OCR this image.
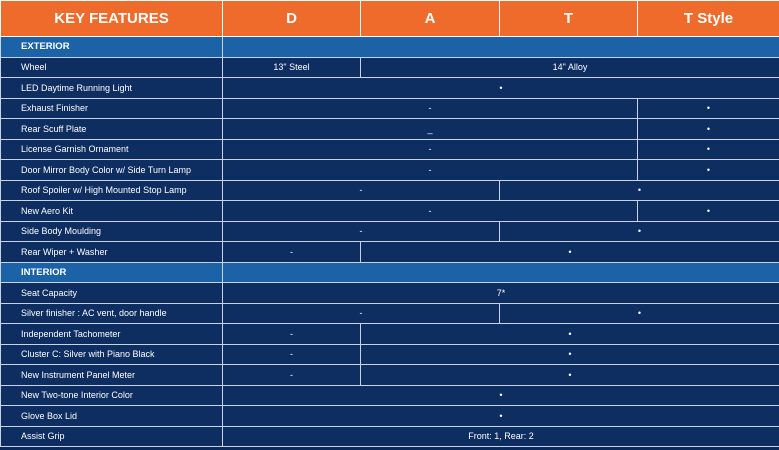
KEY FEATURES	D	A	T	T Style
EXTERIOR				
Wheel	13" Steel	14" Alloy		
LED Daytime Running Light	•			
Exhaust Finisher	-			•
Rear Scuff Plate	_			•
License Garnish Ornament	-			•
Door Mirror Body Color w/ Side Turn Lamp	-			•
Roof Spoiler w/ High Mounted Stop Lamp	-		•	
New Aero Kit	-			•
Side Body Moulding	-		•	
Rear Wiper + Washer	-	•		
INTERIOR				
Seat Capacity	7*			
Silver finisher : AC vent, door handle	-		•	
Independent Tachometer	-	•		
Cluster C: Silver with Piano Black	-	•		
New Instrument Panel Meter	-	•		
New Two-tone Interior Color	•			
Glove Box Lid	•			
Assist Grip	Front: 1, Rear: 2			
